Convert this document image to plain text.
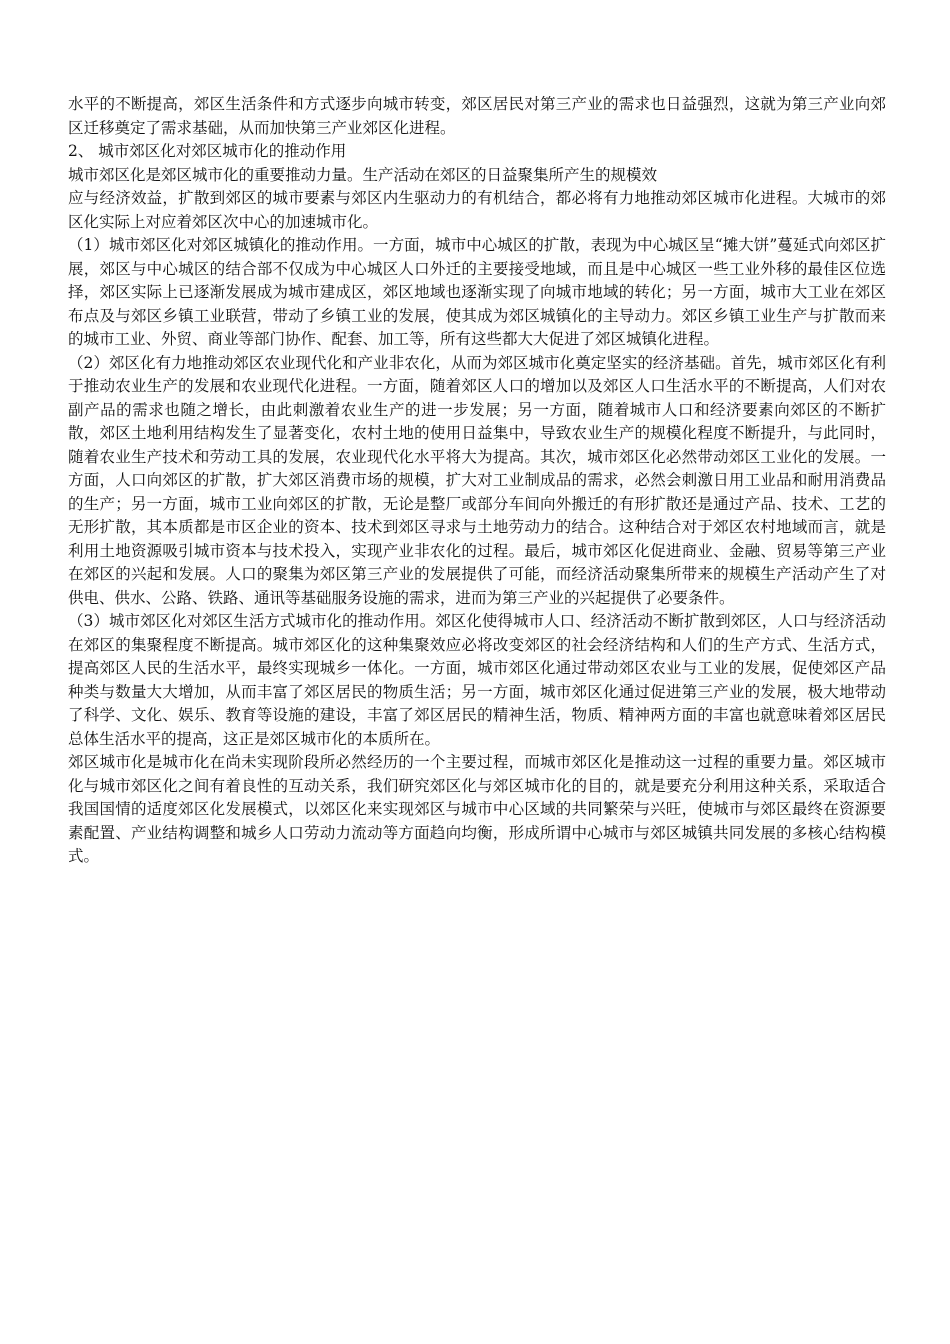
水平的不断提高，郊区生活条件和方式逐步向城市转变，郊区居民对第三产业的需求也日益强烈，这就为第三产业向郊区迁移奠定了需求基础，从而加快第三产业郊区化进程。

2、 城市郊区化对郊区城市化的推动作用

城市郊区化是郊区城市化的重要推动力量。生产活动在郊区的日益聚集所产生的规模效

应与经济效益，扩散到郊区的城市要素与郊区内生驱动力的有机结合，都必将有力地推动郊区城市化进程。大城市的郊区化实际上对应着郊区次中心的加速城市化。

（1）城市郊区化对郊区城镇化的推动作用。一方面，城市中心城区的扩散，表现为中心城区呈“摊大饼”蔓延式向郊区扩展，郊区与中心城区的结合部不仅成为中心城区人口外迁的主要接受地域，而且是中心城区一些工业外移的最佳区位选择，郊区实际上已逐渐发展成为城市建成区，郊区地域也逐渐实现了向城市地域的转化；另一方面，城市大工业在郊区布点及与郊区乡镇工业联营，带动了乡镇工业的发展，使其成为郊区城镇化的主导动力。郊区乡镇工业生产与扩散而来的城市工业、外贸、商业等部门协作、配套、加工等，所有这些都大大促进了郊区城镇化进程。

（2）郊区化有力地推动郊区农业现代化和产业非农化，从而为郊区城市化奠定坚实的经济基础。首先，城市郊区化有利于推动农业生产的发展和农业现代化进程。一方面，随着郊区人口的增加以及郊区人口生活水平的不断提高，人们对农副产品的需求也随之增长，由此刺激着农业生产的进一步发展；另一方面，随着城市人口和经济要素向郊区的不断扩散，郊区土地利用结构发生了显著变化，农村土地的使用日益集中，导致农业生产的规模化程度不断提升，与此同时，随着农业生产技术和劳动工具的发展，农业现代化水平将大为提高。其次，城市郊区化必然带动郊区工业化的发展。一方面，人口向郊区的扩散，扩大郊区消费市场的规模，扩大对工业制成品的需求，必然会刺激日用工业品和耐用消费品的生产；另一方面，城市工业向郊区的扩散，无论是整厂或部分车间向外搬迁的有形扩散还是通过产品、技术、工艺的无形扩散，其本质都是市区企业的资本、技术到郊区寻求与土地劳动力的结合。这种结合对于郊区农村地域而言，就是利用土地资源吸引城市资本与技术投入，实现产业非农化的过程。最后，城市郊区化促进商业、金融、贸易等第三产业在郊区的兴起和发展。人口的聚集为郊区第三产业的发展提供了可能，而经济活动聚集所带来的规模生产活动产生了对供电、供水、公路、铁路、通讯等基础服务设施的需求，进而为第三产业的兴起提供了必要条件。

（3）城市郊区化对郊区生活方式城市化的推动作用。郊区化使得城市人口、经济活动不断扩散到郊区，人口与经济活动在郊区的集聚程度不断提高。城市郊区化的这种集聚效应必将改变郊区的社会经济结构和人们的生产方式、生活方式，提高郊区人民的生活水平，最终实现城乡一体化。一方面，城市郊区化通过带动郊区农业与工业的发展，促使郊区产品种类与数量大大增加，从而丰富了郊区居民的物质生活；另一方面，城市郊区化通过促进第三产业的发展，极大地带动了科学、文化、娱乐、教育等设施的建设，丰富了郊区居民的精神生活，物质、精神两方面的丰富也就意味着郊区居民总体生活水平的提高，这正是郊区城市化的本质所在。

郊区城市化是城市化在尚未实现阶段所必然经历的一个主要过程，而城市郊区化是推动这一过程的重要力量。郊区城市化与城市郊区化之间有着良性的互动关系，我们研究郊区化与郊区城市化的目的，就是要充分利用这种关系，采取适合我国国情的适度郊区化发展模式，以郊区化来实现郊区与城市中心区域的共同繁荣与兴旺，使城市与郊区最终在资源要素配置、产业结构调整和城乡人口劳动力流动等方面趋向均衡，形成所谓中心城市与郊区城镇共同发展的多核心结构模式。
